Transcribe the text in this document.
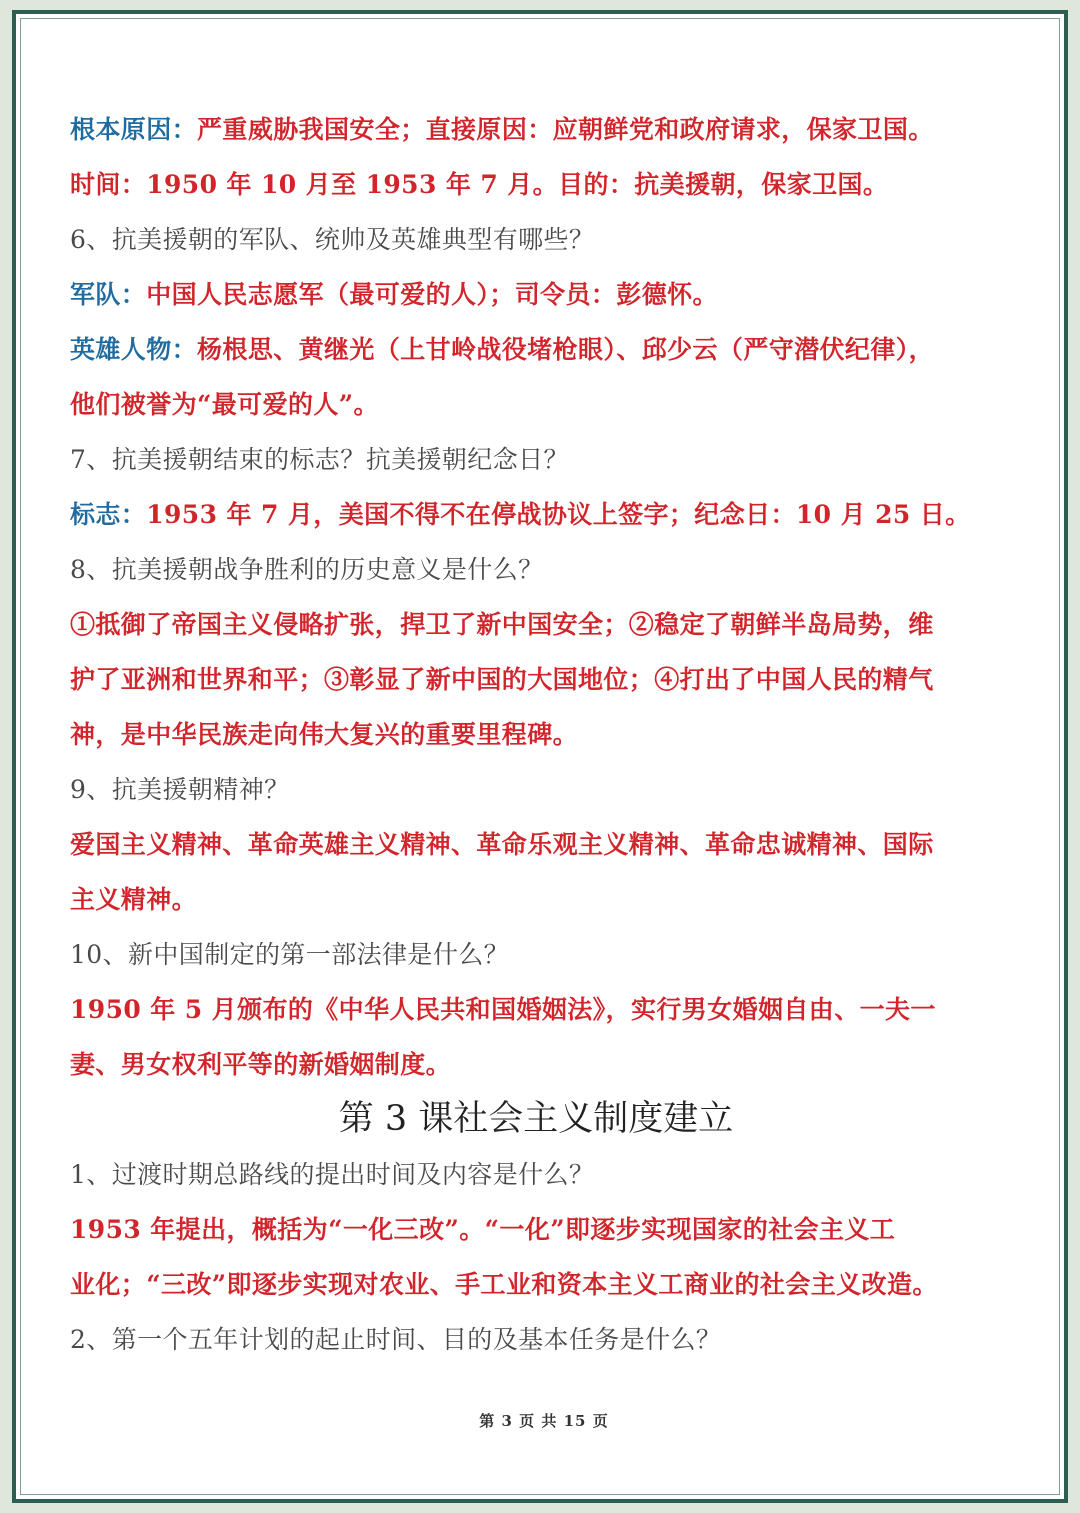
根本原因：严重威胁我国安全；直接原因：应朝鲜党和政府请求，保家卫国。
时间：1950 年 10 月至 1953 年 7 月。目的：抗美援朝，保家卫国。
6、抗美援朝的军队、统帅及英雄典型有哪些？
军队：中国人民志愿军（最可爱的人）；司令员：彭德怀。
英雄人物：杨根思、黄继光（上甘岭战役堵枪眼）、邱少云（严守潜伏纪律），
他们被誉为“最可爱的人”。
7、抗美援朝结束的标志？抗美援朝纪念日？
标志：1953 年 7 月，美国不得不在停战协议上签字；纪念日：10 月 25 日。
8、抗美援朝战争胜利的历史意义是什么？
①抵御了帝国主义侵略扩张，捍卫了新中国安全；②稳定了朝鲜半岛局势，维
护了亚洲和世界和平；③彰显了新中国的大国地位；④打出了中国人民的精气
神，是中华民族走向伟大复兴的重要里程碑。
9、抗美援朝精神？
爱国主义精神、革命英雄主义精神、革命乐观主义精神、革命忠诚精神、国际
主义精神。
10、新中国制定的第一部法律是什么？
1950 年 5 月颁布的《中华人民共和国婚姻法》，实行男女婚姻自由、一夫一
妻、男女权利平等的新婚姻制度。
第 3 课社会主义制度建立
1、过渡时期总路线的提出时间及内容是什么？
1953 年提出，概括为“一化三改”。“一化”即逐步实现国家的社会主义工
业化；“三改”即逐步实现对农业、手工业和资本主义工商业的社会主义改造。
2、第一个五年计划的起止时间、目的及基本任务是什么？
第 3 页 共 15 页
